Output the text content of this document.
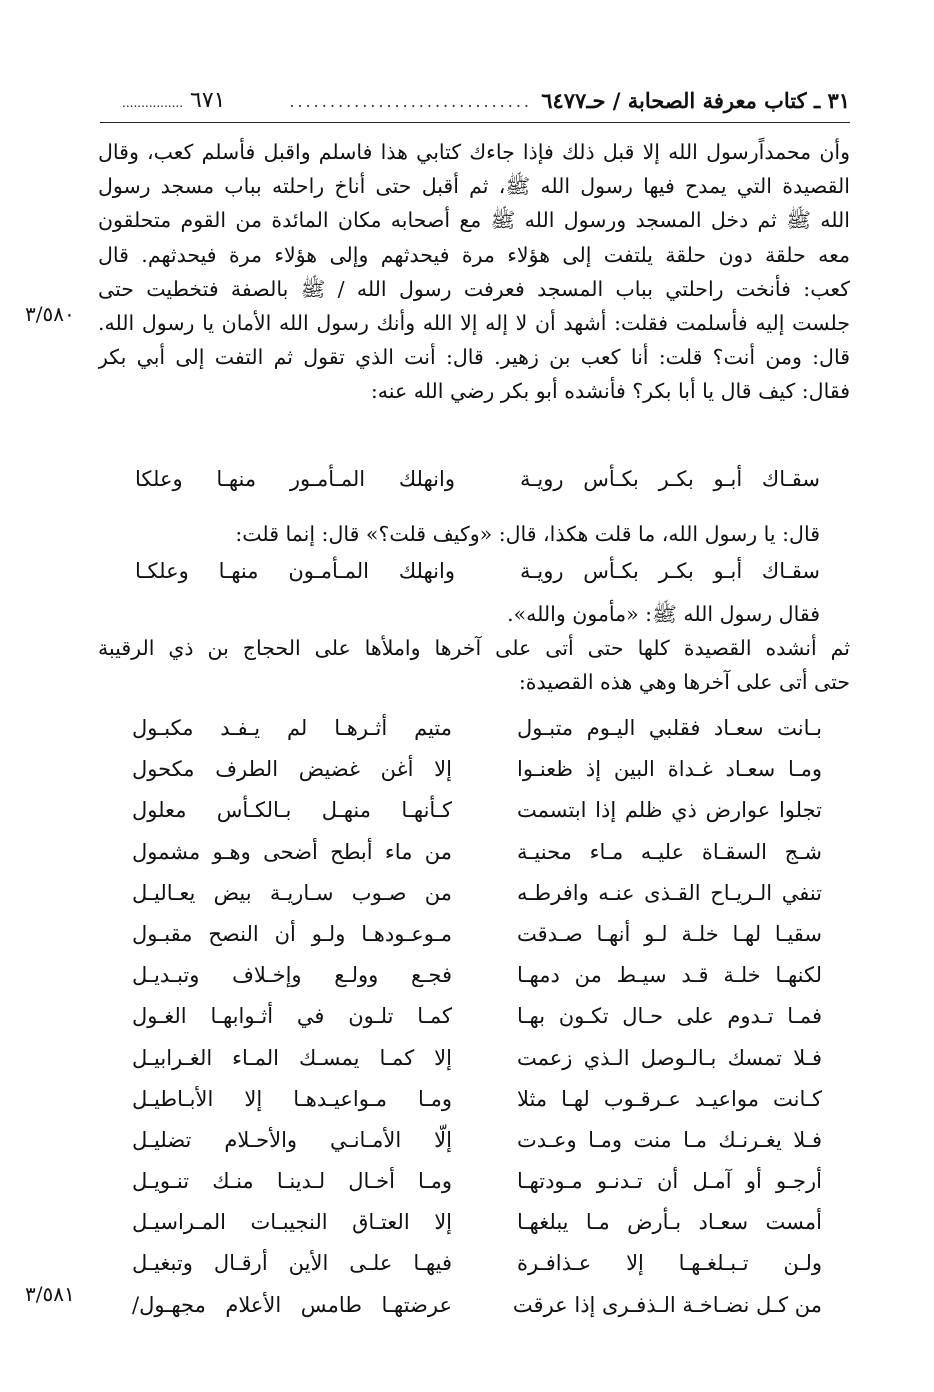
٣١ ـ كتاب معرفة الصحابة / حـ٦٤٧٧
..............................
٦٧١ ................
وأن محمداًرسول الله إلا قبل ذلك فإذا جاءك كتابي هذا فاسلم واقبل فأسلم كعب، وقال
القصيدة التي يمدح فيها رسول الله ﷺ، ثم أقبل حتى أناخ راحلته بباب مسجد رسول
الله ﷺ ثم دخل المسجد ورسول الله ﷺ مع أصحابه مكان المائدة من القوم متحلقون
معه حلقة دون حلقة يلتفت إلى هؤلاء مرة فيحدثهم وإلى هؤلاء مرة فيحدثهم. قال
كعب: فأنخت راحلتي بباب المسجد فعرفت رسول الله / ﷺ بالصفة فتخطيت حتى
جلست إليه فأسلمت فقلت: أشهد أن لا إله إلا الله وأنك رسول الله الأمان يا رسول الله.
قال: ومن أنت؟ قلت: أنا كعب بن زهير. قال: أنت الذي تقول ثم التفت إلى أبي بكر
فقال: كيف قال يا أبا بكر؟ فأنشده أبو بكر رضي الله عنه:
٣/٥٨٠
سقـاك أبـو بكـر بكـأس رويـة
وانهلك المـأمـور منهـا وعلكا
قال: يا رسول الله، ما قلت هكذا، قال: «وكيف قلت؟» قال: إنما قلت:
سقـاك أبـو بكـر بكـأس رويـة
وانهلك المـأمـون منهـا وعلكـا
فقال رسول الله ﷺ: «مأمون والله».
ثم أنشده القصيدة كلها حتى أتى على آخرها واملأها على الحجاج بن ذي الرقيبة
حتى أتى على آخرها وهي هذه القصيدة:
بـانت سعـاد فقلبي اليـوم متبـول
متيم أثـرهـا لم يـفـد مكبـول
ومـا سعـاد غـداة البين إذ ظعنـوا
إلا أغن غضيض الطرف مكحول
تجلوا عوارض ذي ظلم إذا ابتسمت
كـأنهـا منهـل بـالكـأس معلول
شـج السقـاة عليـه مـاء محنيـة
من ماء أبطح أضحى وهـو مشمول
تنفي الـريـاح القـذى عنـه وافرطـه
من صـوب سـاريـة بيض يعـاليـل
سقيـا لهـا خلـة لـو أنهـا صـدقت
مـوعـودهـا ولـو أن النصح مقبـول
لكنهـا خلـة قـد سيـط من دمهـا
فجـع وولـع وإخـلاف وتبـديـل
فمـا تـدوم على حـال تكـون بهـا
كمـا تلـون في أثـوابهـا الغـول
فـلا تمسك بـالـوصل الـذي زعمت
إلا كمـا يمسـك المـاء الغـرابيـل
كـانت مواعيـد عـرقـوب لهـا مثلا
ومـا مـواعيـدهـا إلا الأبـاطيـل
فـلا يغـرنـك مـا منت ومـا وعـدت
إلّا الأمـانـي والأحـلام تضليـل
أرجـو أو آمـل أن تـدنـو مـودتهـا
ومـا أخـال لـدينـا منـك تنـويـل
أمست سعـاد بـأرض مـا يبلغهـا
إلا العتـاق النجيبـات المـراسيـل
ولـن تـبـلغـهـا إلا عـذافـرة
فيهـا علـى الأين أرقـال وتبغيـل
من كـل نضـاخـة الـذفـرى إذا عرقت
عرضتهـا طامس الأعلام مجهـول/
٣/٥٨١
